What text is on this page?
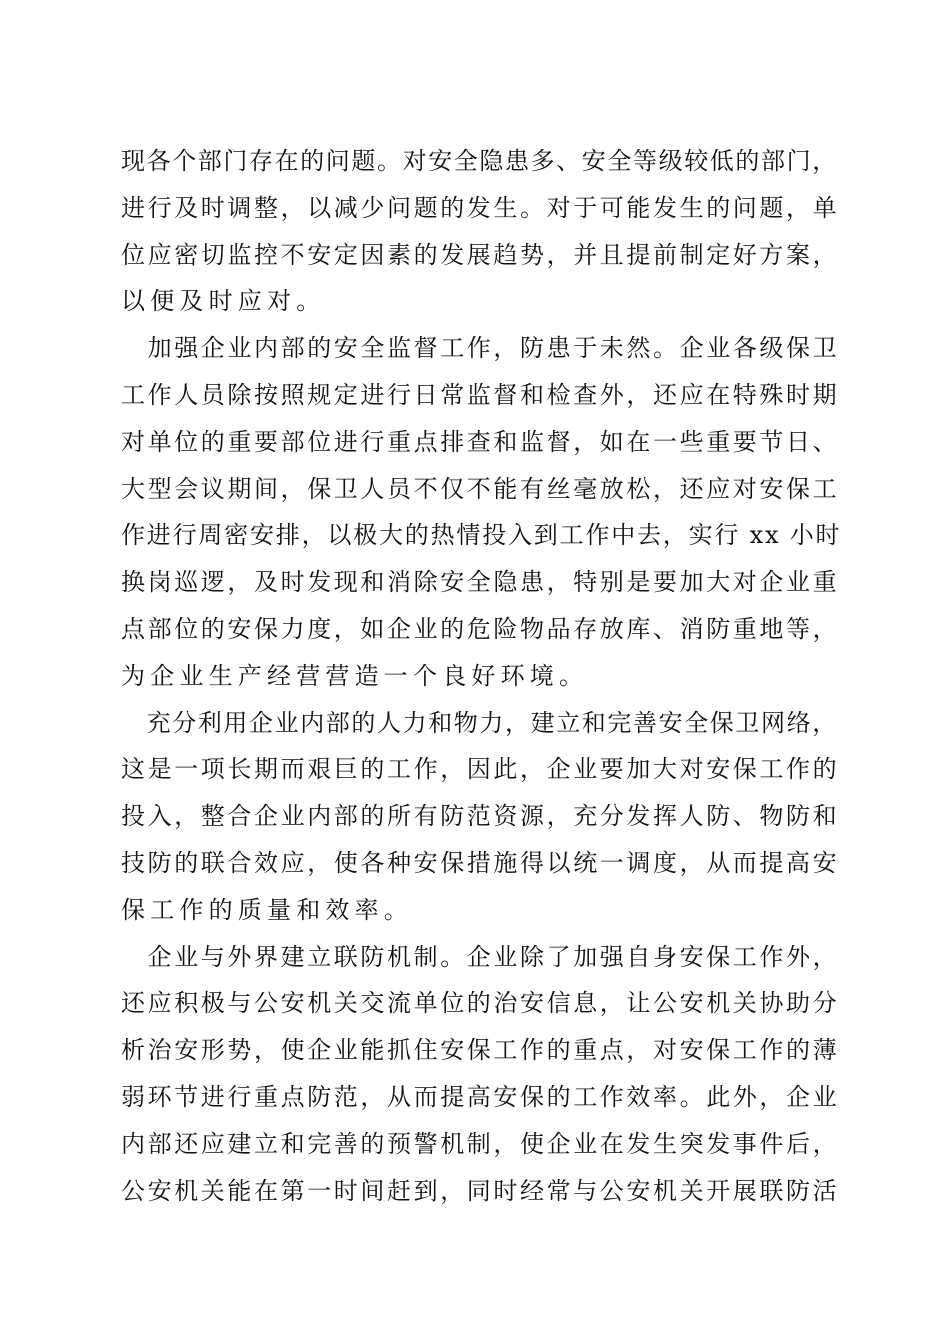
现各个部门存在的问题。对安全隐患多、安全等级较低的部门，
进行及时调整，以减少问题的发生。对于可能发生的问题，单
位应密切监控不安定因素的发展趋势，并且提前制定好方案，
以便及时应对。
　加强企业内部的安全监督工作，防患于未然。企业各级保卫
工作人员除按照规定进行日常监督和检查外，还应在特殊时期
对单位的重要部位进行重点排查和监督，如在一些重要节日、
大型会议期间，保卫人员不仅不能有丝毫放松，还应对安保工
作进行周密安排，以极大的热情投入到工作中去，实行 xx 小时
换岗巡逻，及时发现和消除安全隐患，特别是要加大对企业重
点部位的安保力度，如企业的危险物品存放库、消防重地等，
为企业生产经营营造一个良好环境。
　充分利用企业内部的人力和物力，建立和完善安全保卫网络，
这是一项长期而艰巨的工作，因此，企业要加大对安保工作的
投入，整合企业内部的所有防范资源，充分发挥人防、物防和
技防的联合效应，使各种安保措施得以统一调度，从而提高安
保工作的质量和效率。
　企业与外界建立联防机制。企业除了加强自身安保工作外，
还应积极与公安机关交流单位的治安信息，让公安机关协助分
析治安形势，使企业能抓住安保工作的重点，对安保工作的薄
弱环节进行重点防范，从而提高安保的工作效率。此外，企业
内部还应建立和完善的预警机制，使企业在发生突发事件后，
公安机关能在第一时间赶到，同时经常与公安机关开展联防活
